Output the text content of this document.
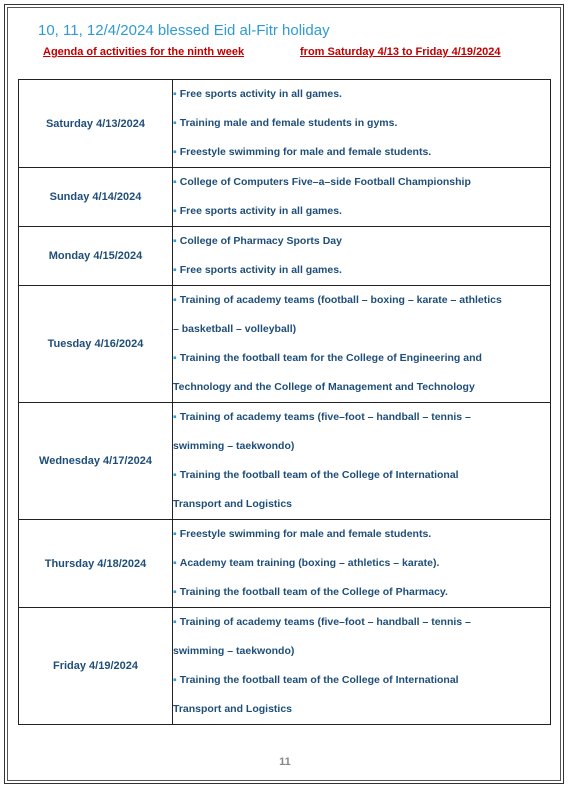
10, 11, 12/4/2024 blessed Eid al-Fitr holiday
Agenda of activities for the ninth week	from Saturday 4/13 to Friday 4/19/2024
Saturday 4/13/2024	▪ Free sports activity in all games.
▪ Training male and female students in gyms.
▪ Freestyle swimming for male and female students.

Sunday 4/14/2024	▪ College of Computers Five–a–side Football Championship
▪ Free sports activity in all games.

Monday 4/15/2024	▪ College of Pharmacy Sports Day
▪ Free sports activity in all games.

Tuesday 4/16/2024	▪ Training of academy teams (football – boxing – karate – athletics
– basketball – volleyball)
▪ Training the football team for the College of Engineering and
Technology and the College of Management and Technology

Wednesday 4/17/2024	▪ Training of academy teams (five–foot – handball – tennis –
swimming – taekwondo)
▪ Training the football team of the College of International
Transport and Logistics

Thursday 4/18/2024	▪ Freestyle swimming for male and female students.
▪ Academy team training (boxing – athletics – karate).
▪ Training the football team of the College of Pharmacy.

Friday 4/19/2024	▪ Training of academy teams (five–foot – handball – tennis –
swimming – taekwondo)
▪ Training the football team of the College of International
Transport and Logistics
11
